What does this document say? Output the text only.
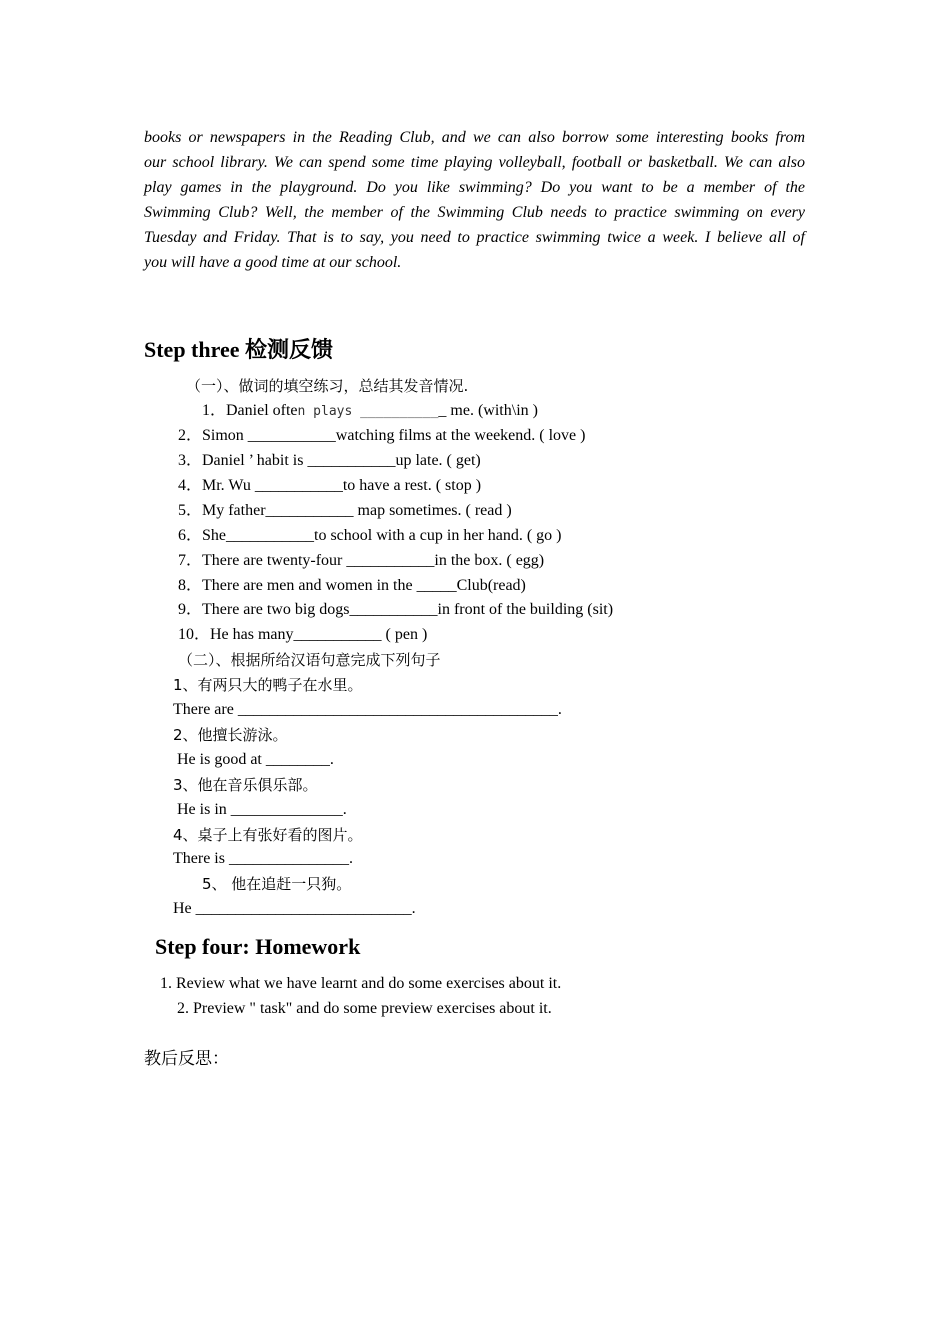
books or newspapers in the Reading Club, and we can also borrow some interesting books from
our school library. We can spend some time playing volleyball, football or basketball. We can also
play games in the playground. Do you like swimming? Do you want to be a member of the
Swimming Club? Well, the member of the Swimming Club needs to practice swimming on every
Tuesday and Friday. That is to say, you need to practice swimming twice a week. I believe all of
you will have a good time at our school.
Step three 检测反馈
（一）、做词的填空练习，总结其发音情况.
1．Daniel often plays ___________ me. (with\in )
2．Simon ___________watching films at the weekend. ( love )
3．Daniel ’ habit is ___________up late. ( get)
4．Mr. Wu ___________to have a rest. ( stop )
5．My father___________ map sometimes. ( read )
6．She___________to school with a cup in her hand. ( go )
7．There are twenty-four ___________in the box. ( egg)
8．There are men and women in the _____Club(read)
9．There are two big dogs___________in front of the building (sit)
10．He has many___________ ( pen )
（二）、根据所给汉语句意完成下列句子
1、有两只大的鸭子在水里。
There are ________________________________________.
2、他擅长游泳。
He is good at ________.
3、他在音乐俱乐部。
He is in ______________.
4、桌子上有张好看的图片。
There is _______________.
5、 他在追赶一只狗。
He ___________________________.
Step four: Homework
1. Review what we have learnt and do some exercises about it.
2. Preview " task" and do some preview exercises about it.
教后反思：
